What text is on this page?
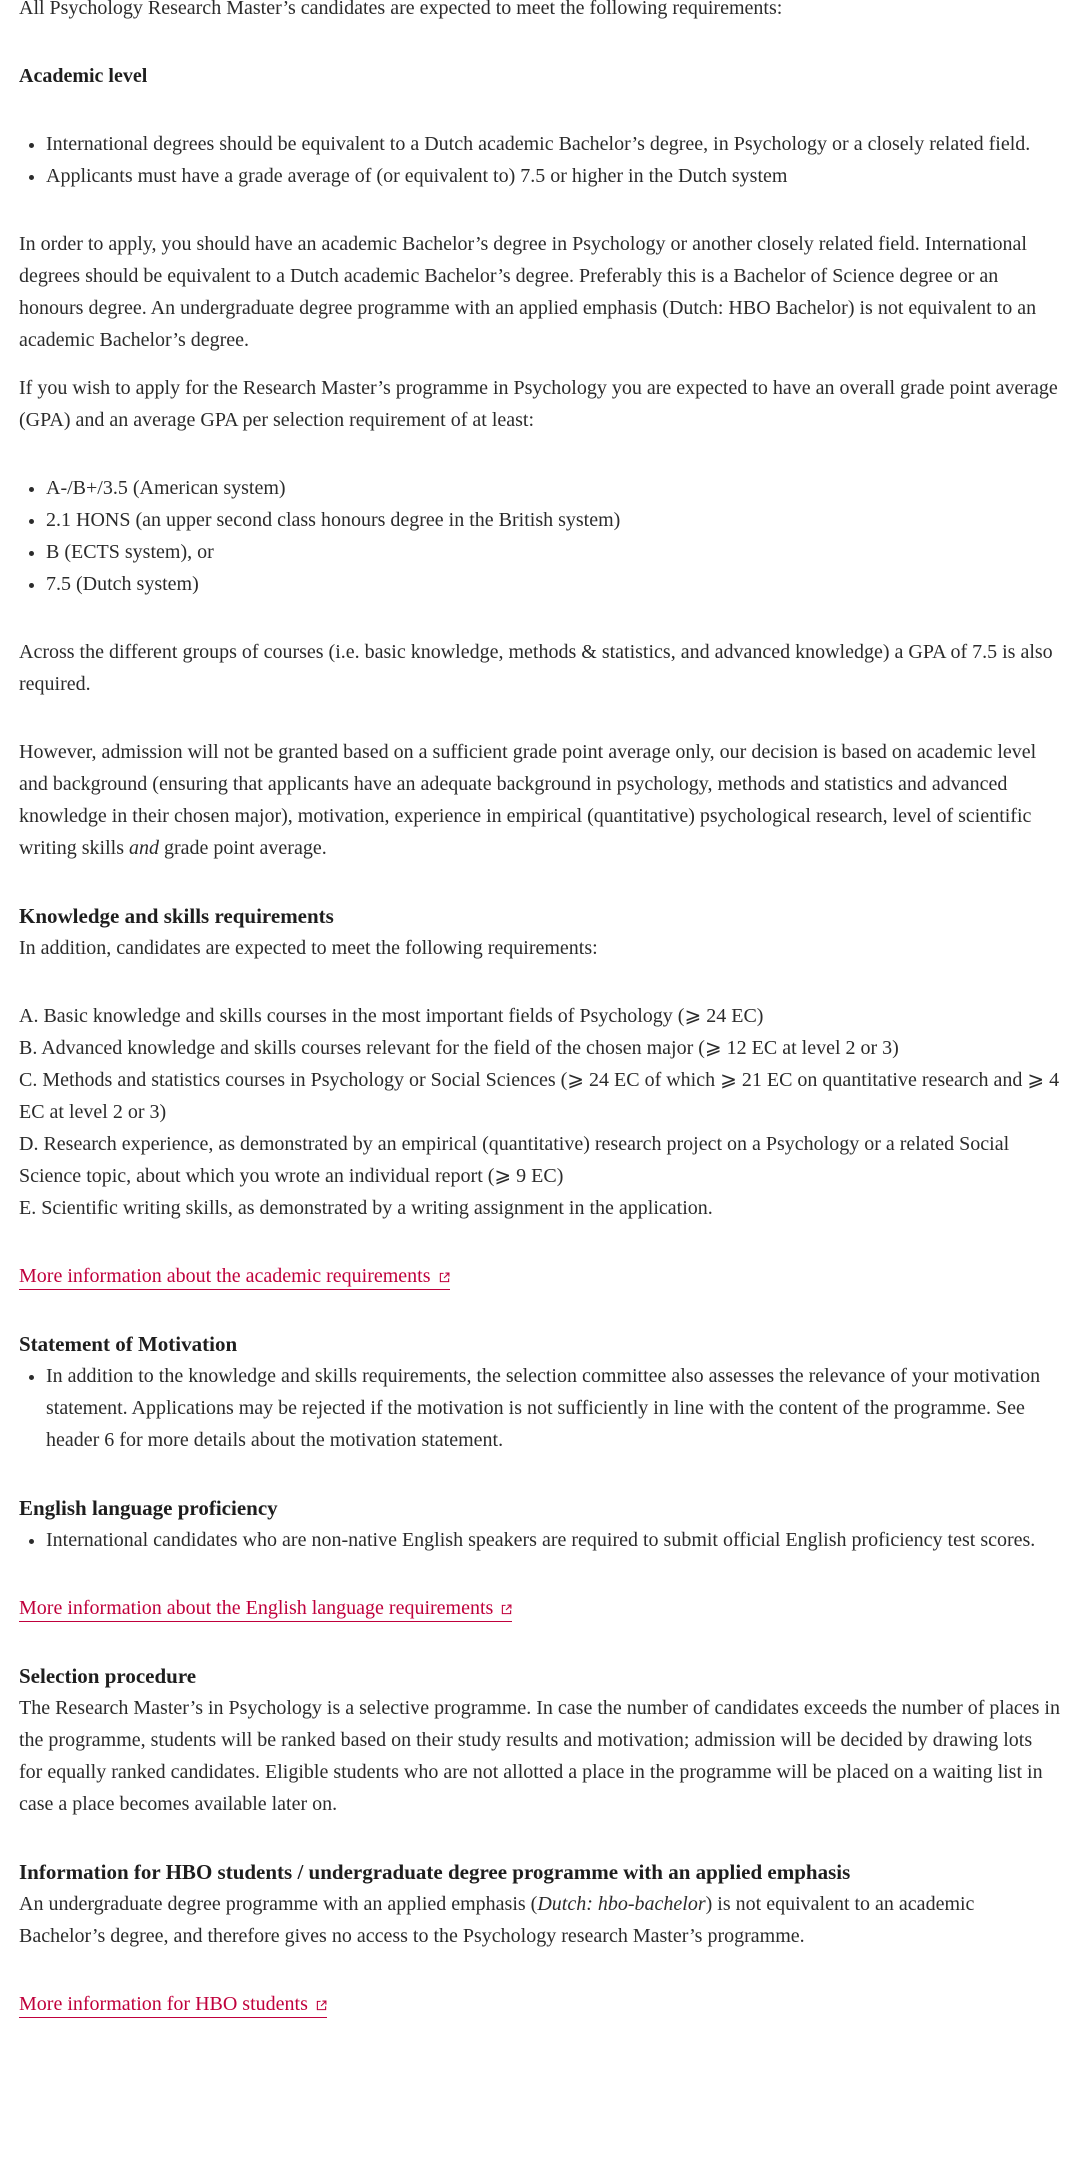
All Psychology Research Master’s candidates are expected to meet the following requirements:

Academic level
• International degrees should be equivalent to a Dutch academic Bachelor’s degree, in Psychology or a closely related field.
• Applicants must have a grade average of (or equivalent to) 7.5 or higher in the Dutch system

In order to apply, you should have an academic Bachelor’s degree in Psychology or another closely related field. International degrees should be equivalent to a Dutch academic Bachelor’s degree. Preferably this is a Bachelor of Science degree or an honours degree. An undergraduate degree programme with an applied emphasis (Dutch: HBO Bachelor) is not equivalent to an academic Bachelor’s degree.

If you wish to apply for the Research Master’s programme in Psychology you are expected to have an overall grade point average (GPA) and an average GPA per selection requirement of at least:

• A-/B+/3.5 (American system)
• 2.1 HONS (an upper second class honours degree in the British system)
• B (ECTS system), or
• 7.5 (Dutch system)

Across the different groups of courses (i.e. basic knowledge, methods & statistics, and advanced knowledge) a GPA of 7.5 is also required.

However, admission will not be granted based on a sufficient grade point average only, our decision is based on academic level and background (ensuring that applicants have an adequate background in psychology, methods and statistics and advanced knowledge in their chosen major), motivation, experience in empirical (quantitative) psychological research, level of scientific writing skills and grade point average.

Knowledge and skills requirements

In addition, candidates are expected to meet the following requirements:

A. Basic knowledge and skills courses in the most important fields of Psychology (⩾ 24 EC)

B. Advanced knowledge and skills courses relevant for the field of the chosen major (⩾ 12 EC at level 2 or 3)

C. Methods and statistics courses in Psychology or Social Sciences (⩾ 24 EC of which ⩾ 21 EC on quantitative research and ⩾ 4 EC at level 2 or 3)

D. Research experience, as demonstrated by an empirical (quantitative) research project on a Psychology or a related Social Science topic, about which you wrote an individual report (⩾ 9 EC)

E. Scientific writing skills, as demonstrated by a writing assignment in the application.

More information about the academic requirements

Statement of Motivation
• In addition to the knowledge and skills requirements, the selection committee also assesses the relevance of your motivation statement. Applications may be rejected if the motivation is not sufficiently in line with the content of the programme. See header 6 for more details about the motivation statement.
English language proficiency
• International candidates who are non-native English speakers are required to submit official English proficiency test scores.

More information about the English language requirements

Selection procedure

The Research Master’s in Psychology is a selective programme. In case the number of candidates exceeds the number of places in the programme, students will be ranked based on their study results and motivation; admission will be decided by drawing lots for equally ranked candidates. Eligible students who are not allotted a place in the programme will be placed on a waiting list in case a place becomes available later on.

Information for HBO students / undergraduate degree programme with an applied emphasis

An undergraduate degree programme with an applied emphasis (Dutch: hbo-bachelor) is not equivalent to an academic Bachelor’s degree, and therefore gives no access to the Psychology research Master’s programme.

More information for HBO students
